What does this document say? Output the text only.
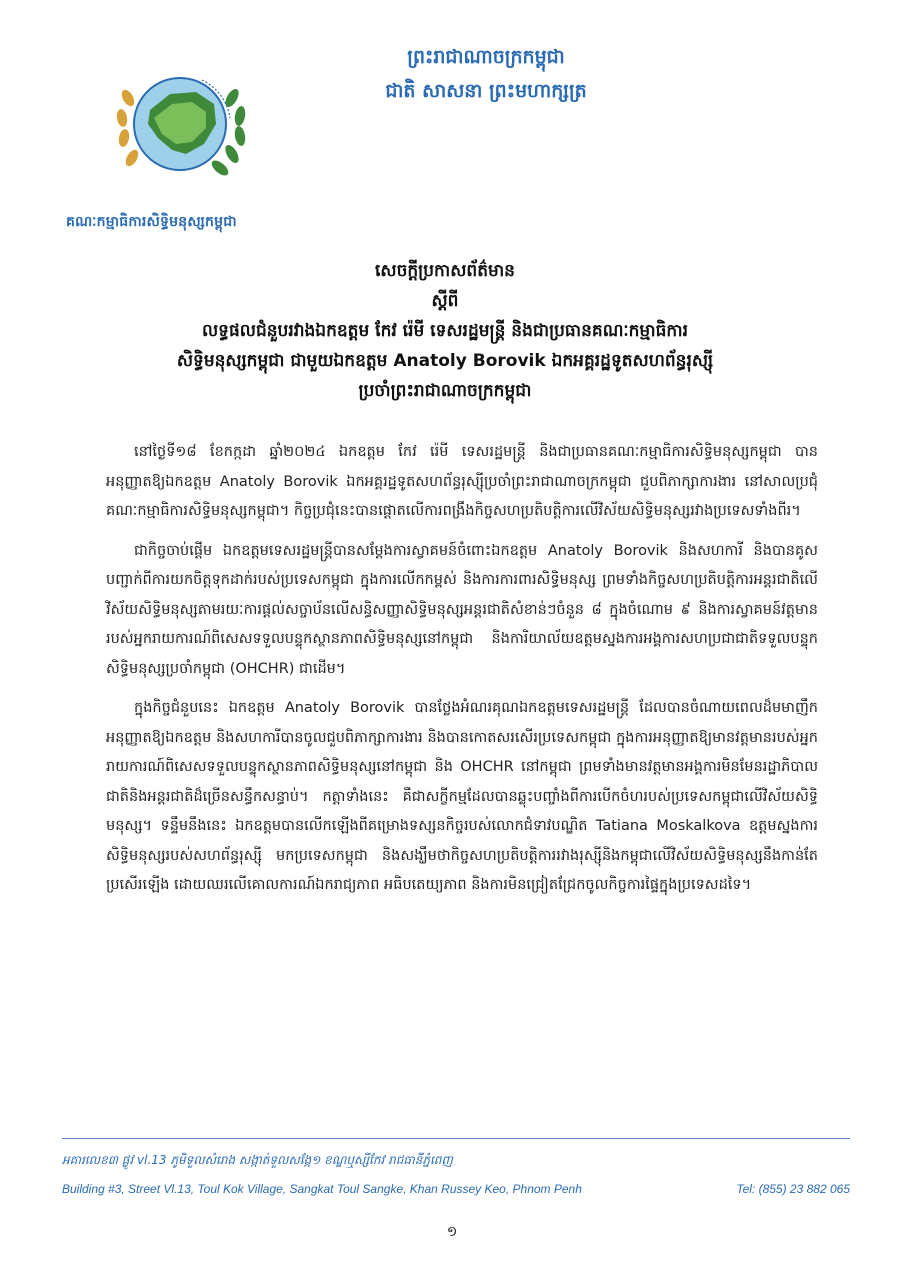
គណៈកម្មាធិការសិទ្ធិមនុស្សកម្ពុជា
ព្រះរាជាណាចក្រកម្ពុជា
ជាតិ សាសនា ព្រះមហាក្សត្រ
សេចក្តីប្រកាសព័ត៌មាន
ស្តីពី
លទ្ធផលជំនួបរវាងឯកឧត្តម កែវ រ៉េមី ទេសរដ្ឋមន្ត្រី និងជាប្រធានគណៈកម្មាធិការ
សិទ្ធិមនុស្សកម្ពុជា ជាមួយឯកឧត្តម Anatoly Borovik ឯកអគ្គរដ្ឋទូតសហព័ន្ធរុស្ស៊ី
ប្រចាំព្រះរាជាណាចក្រកម្ពុជា

នៅថ្ងៃទី១៨ ខែកក្កដា ឆ្នាំ២០២៤ ឯកឧត្តម កែវ រ៉េមី ទេសរដ្ឋមន្ត្រី និងជាប្រធានគណៈកម្មាធិការសិទ្ធិមនុស្សកម្ពុជា បានអនុញ្ញាតឱ្យឯកឧត្តម Anatoly Borovik ឯកអគ្គរដ្ឋទូតសហព័ន្ធរុស្ស៊ីប្រចាំព្រះរាជាណាចក្រកម្ពុជា ជួបពិភាក្សាការងារ នៅសាលប្រជុំគណៈកម្មាធិការសិទ្ធិមនុស្សកម្ពុជា។ កិច្ចប្រជុំនេះបានផ្តោតលើការពង្រឹងកិច្ចសហប្រតិបត្តិការលើវិស័យសិទ្ធិមនុស្សរវាងប្រទេសទាំងពីរ។

ជាកិច្ចចាប់ផ្តើម ឯកឧត្តមទេសរដ្ឋមន្ត្រីបានសម្តែងការស្វាគមន៍ចំពោះឯកឧត្តម Anatoly Borovik និងសហការី និងបានគូសបញ្ជាក់ពីការយកចិត្តទុកដាក់របស់ប្រទេសកម្ពុជា ក្នុងការលើកកម្ពស់ និងការការពារសិទ្ធិមនុស្ស ព្រមទាំងកិច្ចសហប្រតិបត្តិការអន្តរជាតិលើវិស័យសិទ្ធិមនុស្សតាមរយៈការផ្តល់សច្ចាប័នលើសន្ធិសញ្ញាសិទ្ធិមនុស្សអន្តរជាតិសំខាន់ៗចំនួន ៨ ក្នុងចំណោម ៩ និងការស្វាគមន៍វត្តមានរបស់អ្នករាយការណ៍ពិសេសទទួលបន្ទុកស្ថានភាពសិទ្ធិមនុស្សនៅកម្ពុជា និងការិយាល័យឧត្តមស្នងការអង្គការសហប្រជាជាតិទទួលបន្ទុកសិទ្ធិមនុស្សប្រចាំកម្ពុជា (OHCHR) ជាដើម។

ក្នុងកិច្ចជំនួបនេះ ឯកឧត្តម Anatoly Borovik បានថ្លែងអំណរគុណឯកឧត្តមទេសរដ្ឋមន្ត្រី ដែលបានចំណាយពេលដ៏មមាញឹកអនុញ្ញាតឱ្យឯកឧត្តម និងសហការីបានចូលជួបពិភាក្សាការងារ និងបានកោតសរសើរប្រទេសកម្ពុជា ក្នុងការអនុញ្ញាតឱ្យមានវត្តមានរបស់អ្នករាយការណ៍ពិសេសទទួលបន្ទុកស្ថានភាពសិទ្ធិមនុស្សនៅកម្ពុជា និង OHCHR នៅកម្ពុជា ព្រមទាំងមានវត្តមានអង្គការមិនមែនរដ្ឋាភិបាលជាតិនិងអន្តរជាតិដ៏ច្រើនសន្ធឹកសន្ធាប់។ កត្តាទាំងនេះ គឺជាសក្ខីកម្មដែលបានឆ្លុះបញ្ចាំងពីការបើកចំហរបស់ប្រទេសកម្ពុជាលើវិស័យសិទ្ធិមនុស្ស។ ទន្ទឹមនឹងនេះ ឯកឧត្តមបានលើកឡើងពីគម្រោងទស្សនកិច្ចរបស់លោកជំទាវបណ្ឌិត Tatiana Moskalkova ឧត្តមស្នងការសិទ្ធិមនុស្សរបស់សហព័ន្ធរុស្ស៊ី មកប្រទេសកម្ពុជា និងសង្ឃឹមថាកិច្ចសហប្រតិបត្តិការរវាងរុស្ស៊ីនិងកម្ពុជាលើវិស័យសិទ្ធិមនុស្សនឹងកាន់តែប្រសើរឡើង ដោយឈរលើគោលការណ៍ឯករាជ្យភាព អធិបតេយ្យភាព និងការមិនជ្រៀតជ្រែកចូលកិច្ចការផ្ទៃក្នុងប្រទេសដទៃ។

អគារលេខ៣ ផ្លូវ vl.13 ភូមិទួលសំរោង សង្កាត់ទួលសង្កែ១ ខណ្ឌឬស្សីកែវ រាជធានីភ្នំពេញ
Building #3, Street Vl.13, Toul Kok Village, Sangkat Toul Sangke, Khan Russey Keo, Phnom Penh	Tel: (855) 23 882 065
១
